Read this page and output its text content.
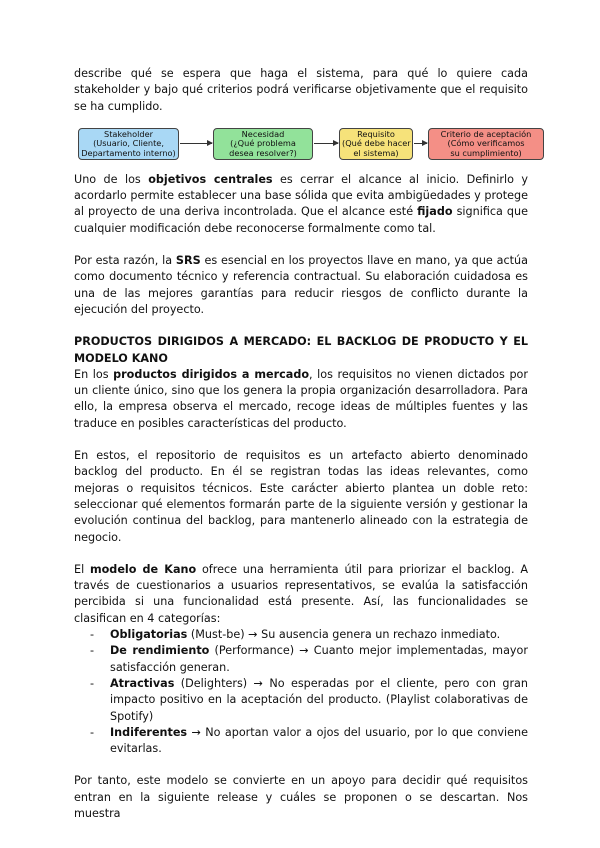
describe qué se espera que haga el sistema, para qué lo quiere cada stakeholder y bajo qué criterios podrá verificarse objetivamente que el requisito se ha cumplido.

Stakeholder
(Usuario, Cliente,
Departamento interno)
Necesidad
(¿Qué problema
desea resolver?)
Requisito
(Qué debe hacer
el sistema)
Criterio de aceptación
(Cómo verificamos
su cumplimiento)

Uno de los objetivos centrales es cerrar el alcance al inicio. Definirlo y acordarlo permite establecer una base sólida que evita ambigüedades y protege al proyecto de una deriva incontrolada. Que el alcance esté fijado significa que cualquier modificación debe reconocerse formalmente como tal.

Por esta razón, la SRS es esencial en los proyectos llave en mano, ya que actúa como documento técnico y referencia contractual. Su elaboración cuidadosa es una de las mejores garantías para reducir riesgos de conflicto durante la ejecución del proyecto.

PRODUCTOS DIRIGIDOS A MERCADO: EL BACKLOG DE PRODUCTO Y EL MODELO KANO

En los productos dirigidos a mercado, los requisitos no vienen dictados por un cliente único, sino que los genera la propia organización desarrolladora. Para ello, la empresa observa el mercado, recoge ideas de múltiples fuentes y las traduce en posibles características del producto.

En estos, el repositorio de requisitos es un artefacto abierto denominado backlog del producto. En él se registran todas las ideas relevantes, como mejoras o requisitos técnicos. Este carácter abierto plantea un doble reto: seleccionar qué elementos formarán parte de la siguiente versión y gestionar la evolución continua del backlog, para mantenerlo alineado con la estrategia de negocio.

El modelo de Kano ofrece una herramienta útil para priorizar el backlog. A través de cuestionarios a usuarios representativos, se evalúa la satisfacción percibida si una funcionalidad está presente. Así, las funcionalidades se clasifican en 4 categorías:

- Obligatorias (Must-be) → Su ausencia genera un rechazo inmediato.
- De rendimiento (Performance) → Cuanto mejor implementadas, mayor satisfacción generan.
- Atractivas (Delighters) → No esperadas por el cliente, pero con gran impacto positivo en la aceptación del producto. (Playlist colaborativas de Spotify)
- Indiferentes → No aportan valor a ojos del usuario, por lo que conviene evitarlas.

Por tanto, este modelo se convierte en un apoyo para decidir qué requisitos entran en la siguiente release y cuáles se proponen o se descartan. Nos muestra
